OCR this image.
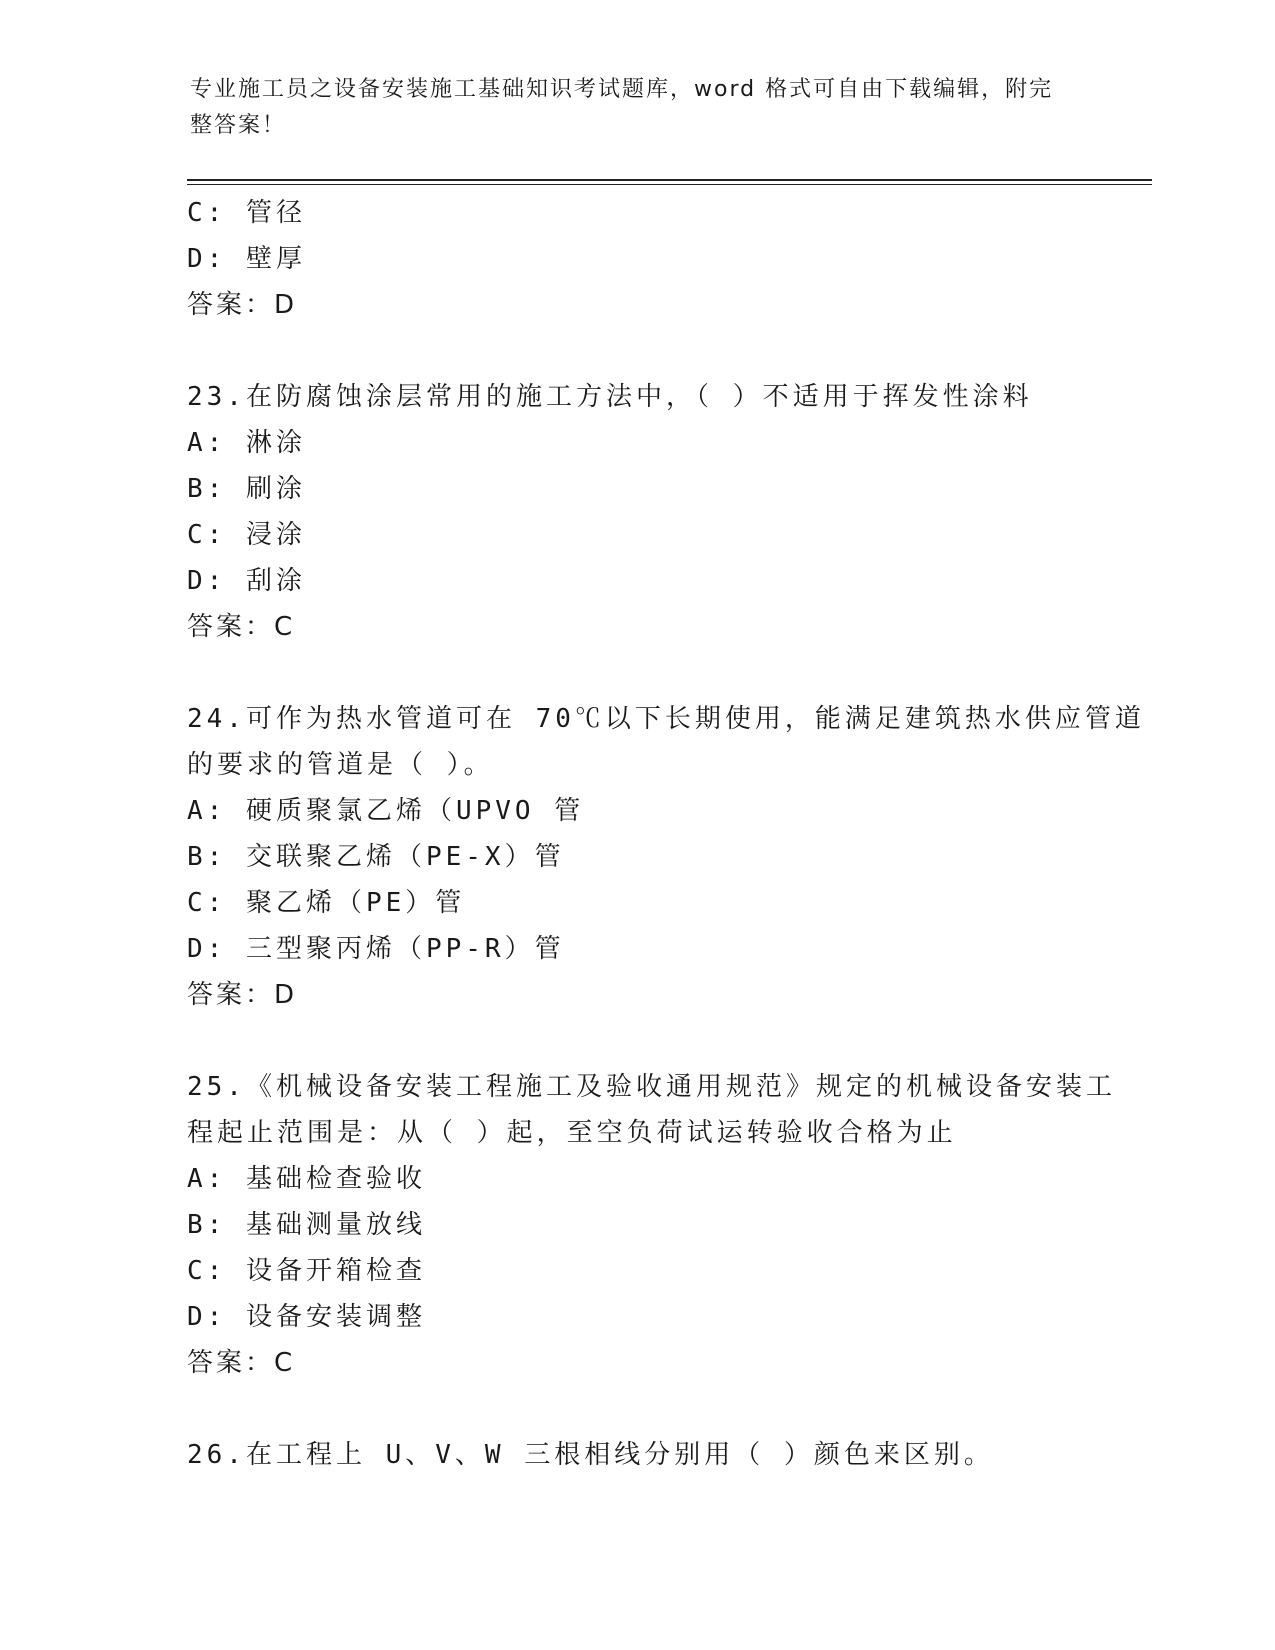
专业施工员之设备安装施工基础知识考试题库，word 格式可自由下载编辑，附完
整答案！
C: 管径
D: 壁厚
答案：D
23.在防腐蚀涂层常用的施工方法中，（ ）不适用于挥发性涂料
A: 淋涂
B: 刷涂
C: 浸涂
D: 刮涂
答案：C
24.可作为热水管道可在 70℃以下长期使用，能满足建筑热水供应管道
的要求的管道是（ ）。
A: 硬质聚氯乙烯（UPVO 管
B: 交联聚乙烯（PE-X）管
C: 聚乙烯（PE）管
D: 三型聚丙烯（PP-R）管
答案：D
25.《机械设备安装工程施工及验收通用规范》规定的机械设备安装工
程起止范围是：从（ ）起，至空负荷试运转验收合格为止
A: 基础检查验收
B: 基础测量放线
C: 设备开箱检查
D: 设备安装调整
答案：C
26.在工程上 U、V、W 三根相线分别用（ ）颜色来区别。
